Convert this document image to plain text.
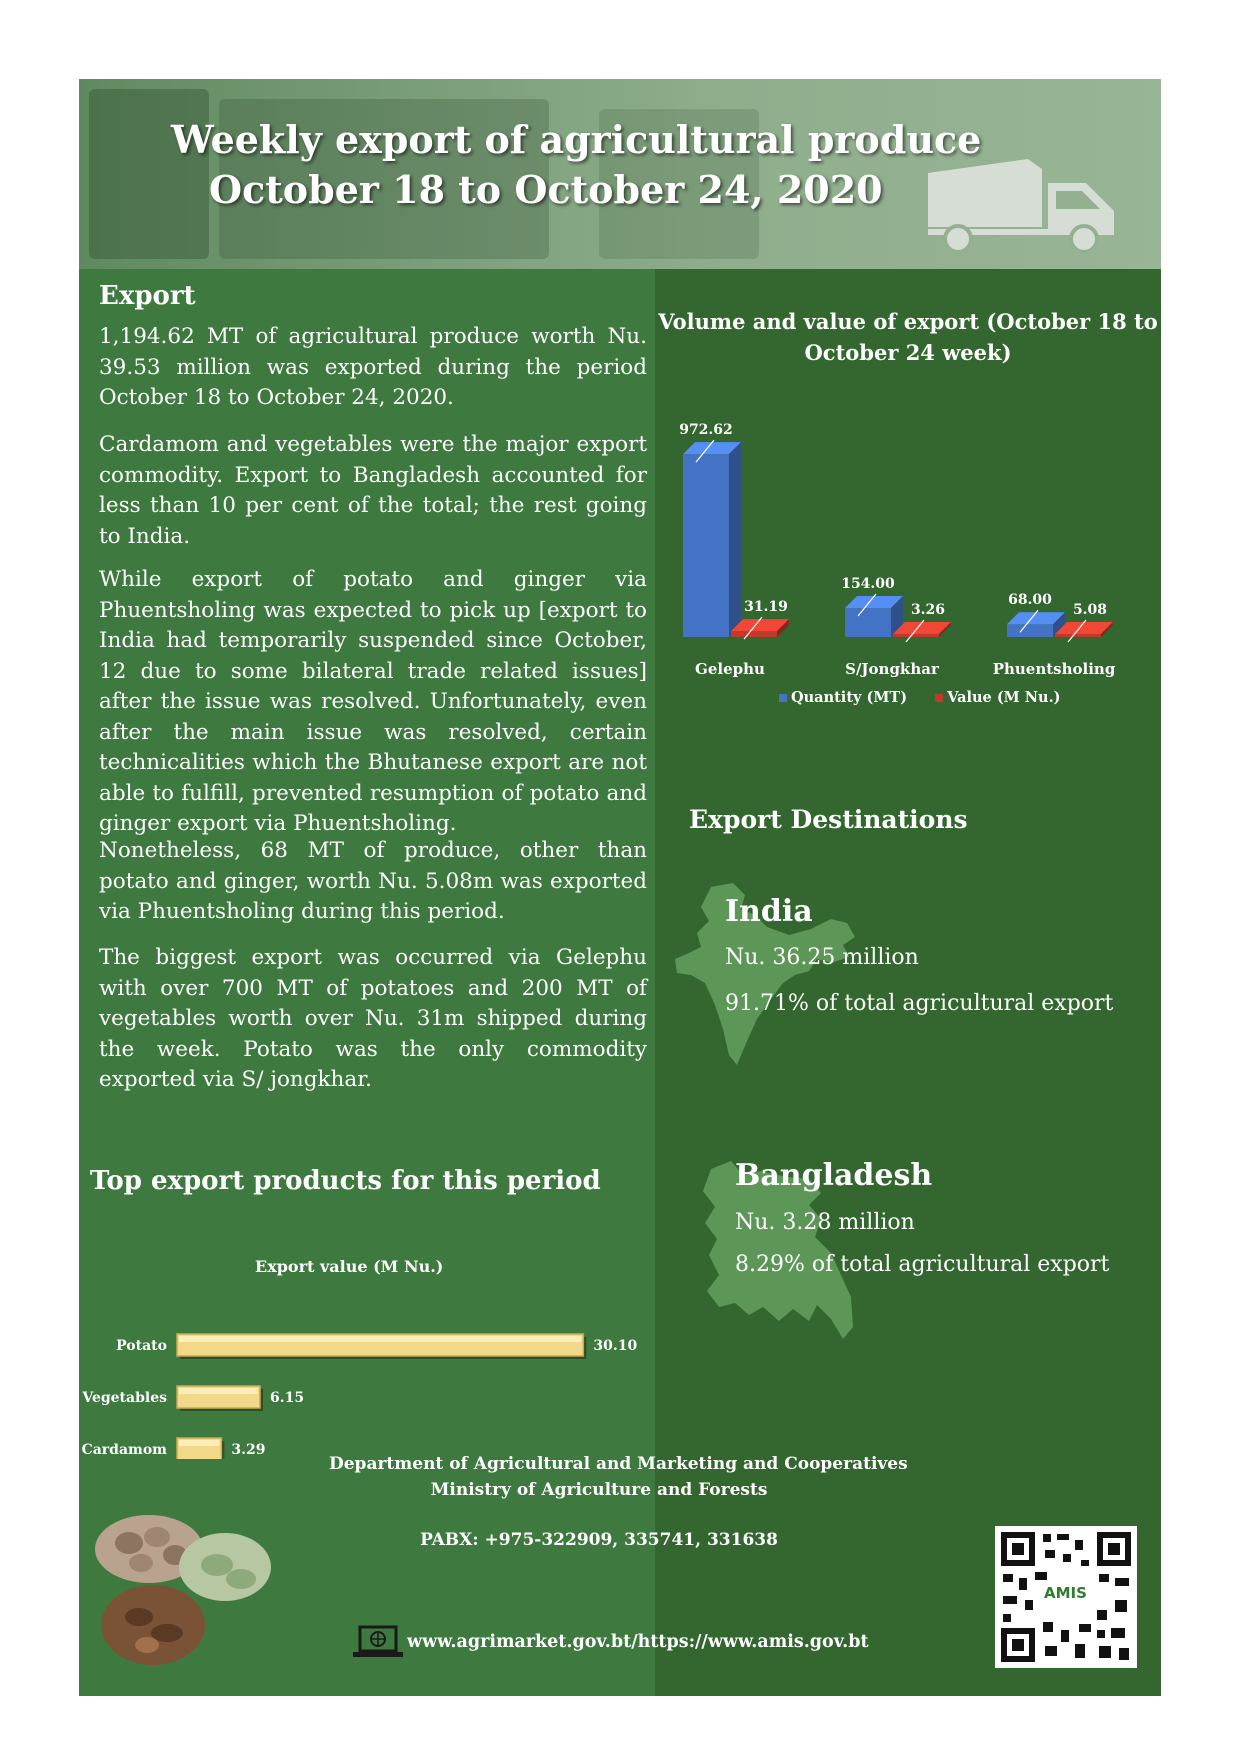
Weekly export of agricultural produce
October 18 to October 24, 2020
Export

1,194.62 MT of agricultural produce worth Nu. 39.53 million was exported during the period October 18 to October 24, 2020.

Cardamom and vegetables were the major export commodity. Export to Bangladesh accounted for less than 10 per cent of the total; the rest going to India.

While export of potato and ginger via Phuentsholing was expected to pick up [export to India had temporarily suspended since October, 12 due to some bilateral trade related issues] after the issue was resolved. Unfortunately, even after the main issue was resolved, certain technicalities which the Bhutanese export are not able to fulfill, prevented resumption of potato and ginger export via Phuentsholing.

Nonetheless, 68 MT of produce, other than potato and ginger, worth Nu. 5.08m was exported via Phuentsholing during this period.

The biggest export was occurred via Gelephu with over 700 MT of potatoes and 200 MT of vegetables worth over Nu. 31m shipped during the week. Potato was the only commodity exported via S/ jongkhar.

Volume and value of export (October 18 to October 24 week)
972.62
31.19
Gelephu
154.00
3.26
S/Jongkhar
68.00
5.08
Phuentsholing
Quantity (MT)	Value (M Nu.)
Export Destinations
India
Nu. 36.25 million
91.71% of total agricultural export
Bangladesh
Nu. 3.28 million
8.29% of total agricultural export
Top export products for this period
Export value (M Nu.)
Potato	30.10
Vegetables	6.15
Cardamom	3.29
Department of Agricultural and Marketing and Cooperatives
Ministry of Agriculture and Forests
PABX: +975-322909, 335741, 331638
www.agrimarket.gov.bt/https://www.amis.gov.bt
AMIS
